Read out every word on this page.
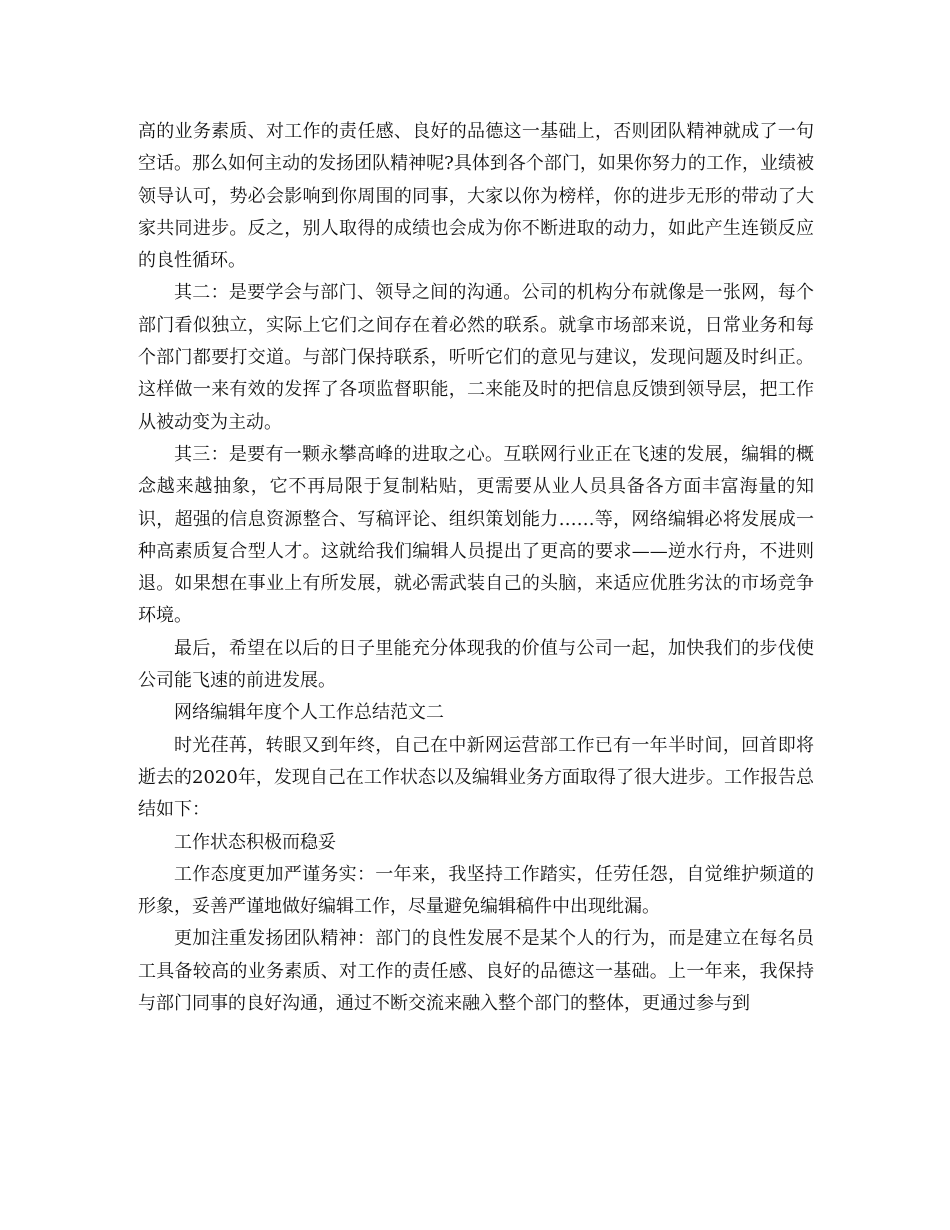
高的业务素质、对工作的责任感、良好的品德这一基础上，否则团队精神就成了一句空话。那么如何主动的发扬团队精神呢?具体到各个部门，如果你努力的工作，业绩被领导认可，势必会影响到你周围的同事，大家以你为榜样，你的进步无形的带动了大家共同进步。反之，别人取得的成绩也会成为你不断进取的动力，如此产生连锁反应的良性循环。

其二：是要学会与部门、领导之间的沟通。公司的机构分布就像是一张网，每个部门看似独立，实际上它们之间存在着必然的联系。就拿市场部来说，日常业务和每个部门都要打交道。与部门保持联系，听听它们的意见与建议，发现问题及时纠正。这样做一来有效的发挥了各项监督职能，二来能及时的把信息反馈到领导层，把工作从被动变为主动。

其三：是要有一颗永攀高峰的进取之心。互联网行业正在飞速的发展，编辑的概念越来越抽象，它不再局限于复制粘贴，更需要从业人员具备各方面丰富海量的知识，超强的信息资源整合、写稿评论、组织策划能力……等，网络编辑必将发展成一种高素质复合型人才。这就给我们编辑人员提出了更高的要求——逆水行舟，不进则退。如果想在事业上有所发展，就必需武装自己的头脑，来适应优胜劣汰的市场竞争环境。

最后，希望在以后的日子里能充分体现我的价值与公司一起，加快我们的步伐使公司能飞速的前进发展。

网络编辑年度个人工作总结范文二

时光荏苒，转眼又到年终，自己在中新网运营部工作已有一年半时间，回首即将逝去的2020年，发现自己在工作状态以及编辑业务方面取得了很大进步。工作报告总结如下：

工作状态积极而稳妥

工作态度更加严谨务实：一年来，我坚持工作踏实，任劳任怨，自觉维护频道的形象，妥善严谨地做好编辑工作，尽量避免编辑稿件中出现纰漏。

更加注重发扬团队精神：部门的良性发展不是某个人的行为，而是建立在每名员工具备较高的业务素质、对工作的责任感、良好的品德这一基础。上一年来，我保持与部门同事的良好沟通，通过不断交流来融入整个部门的整体，更通过参与到
